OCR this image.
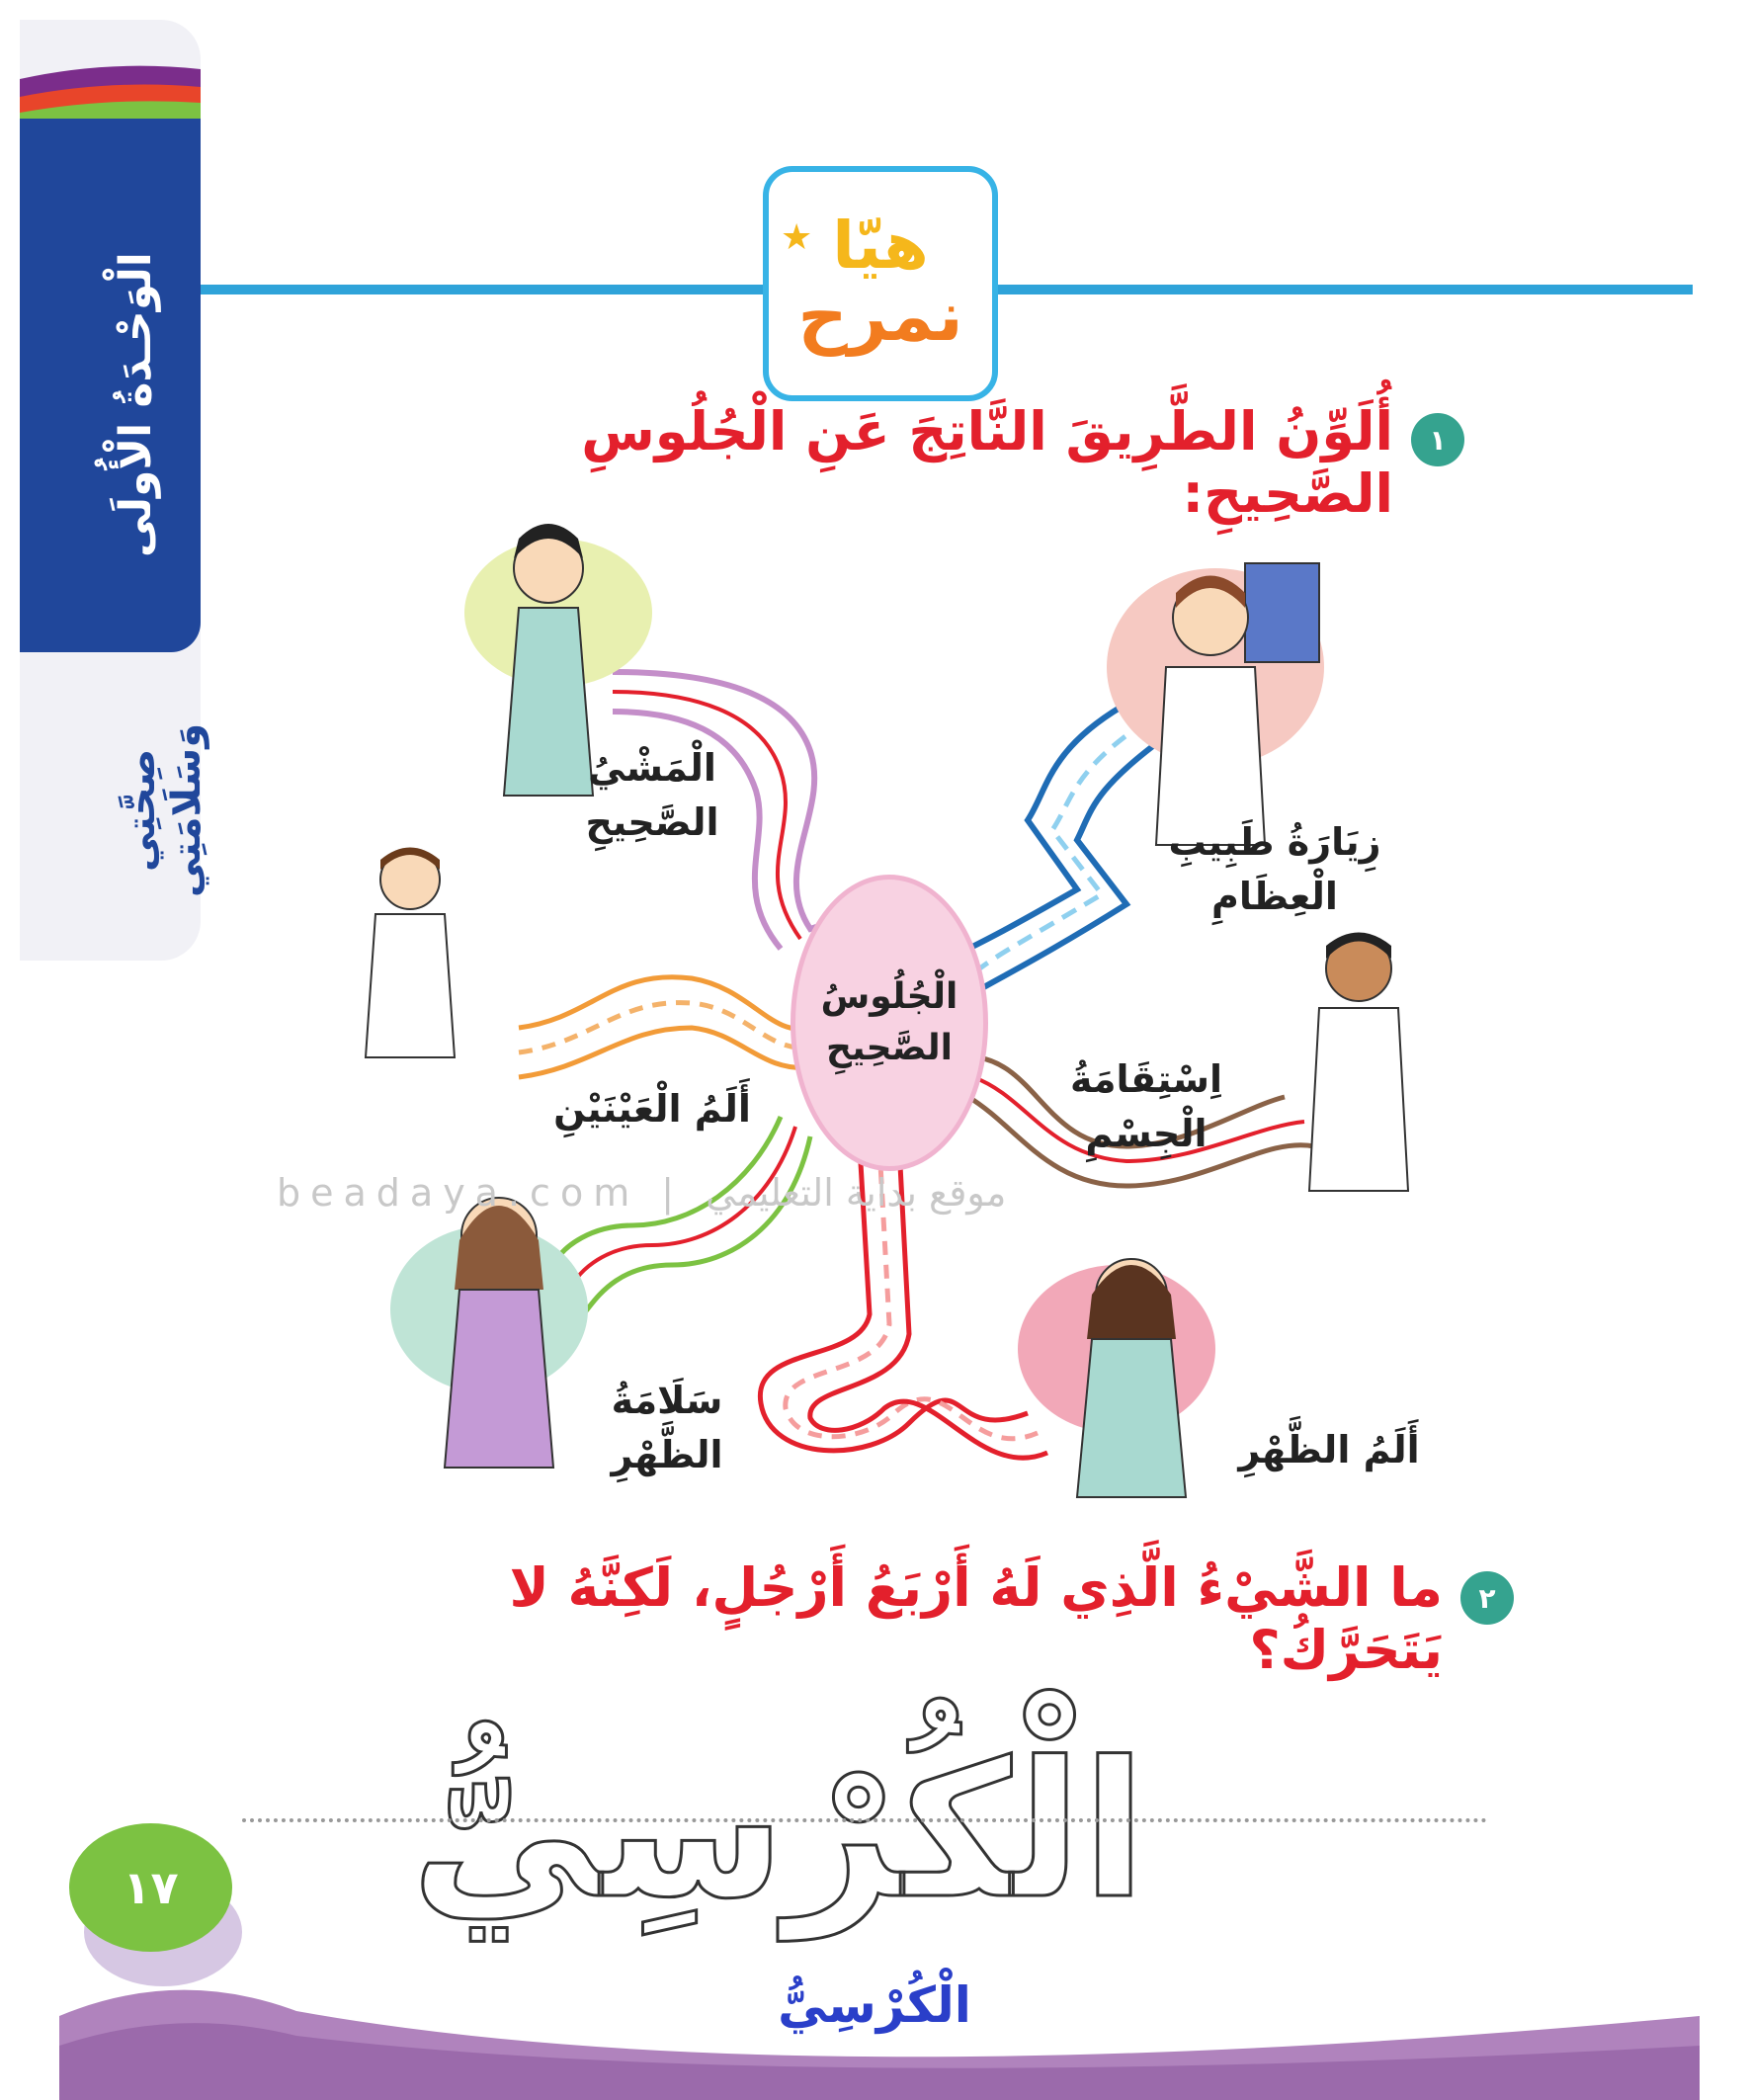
الْوَحْـدَةُ الْأُولَى
صِحَّتِي وَسَلَامَتِي
هيّا
نمرح
★
١
أُلَوِّنُ الطَّرِيقَ النَّاتِجَ عَنِ الْجُلُوسِ الصَّحِيحِ:
الْمَشْيُ الصَّحِيحِ	زِيَارَةُ طَبِيبِ الْعِظَامِ
أَلَمُ الْعَيْنَيْنِ
اِسْتِقَامَةُ الْجِسْمِ
سَلَامَةُ الظَّهْرِ	أَلَمُ الظَّهْرِ
الْجُلُوسُ الصَّحِيحِ
beadaya.com | موقع بداية التعليمي
٢
ما الشَّيْءُ الَّذِي لَهُ أَرْبَعُ أَرْجُلٍ، لَكِنَّهُ لا يَتَحَرَّكُ؟
الْكُرْسِيُّ
الْكُرْسِيُّ
١٧
